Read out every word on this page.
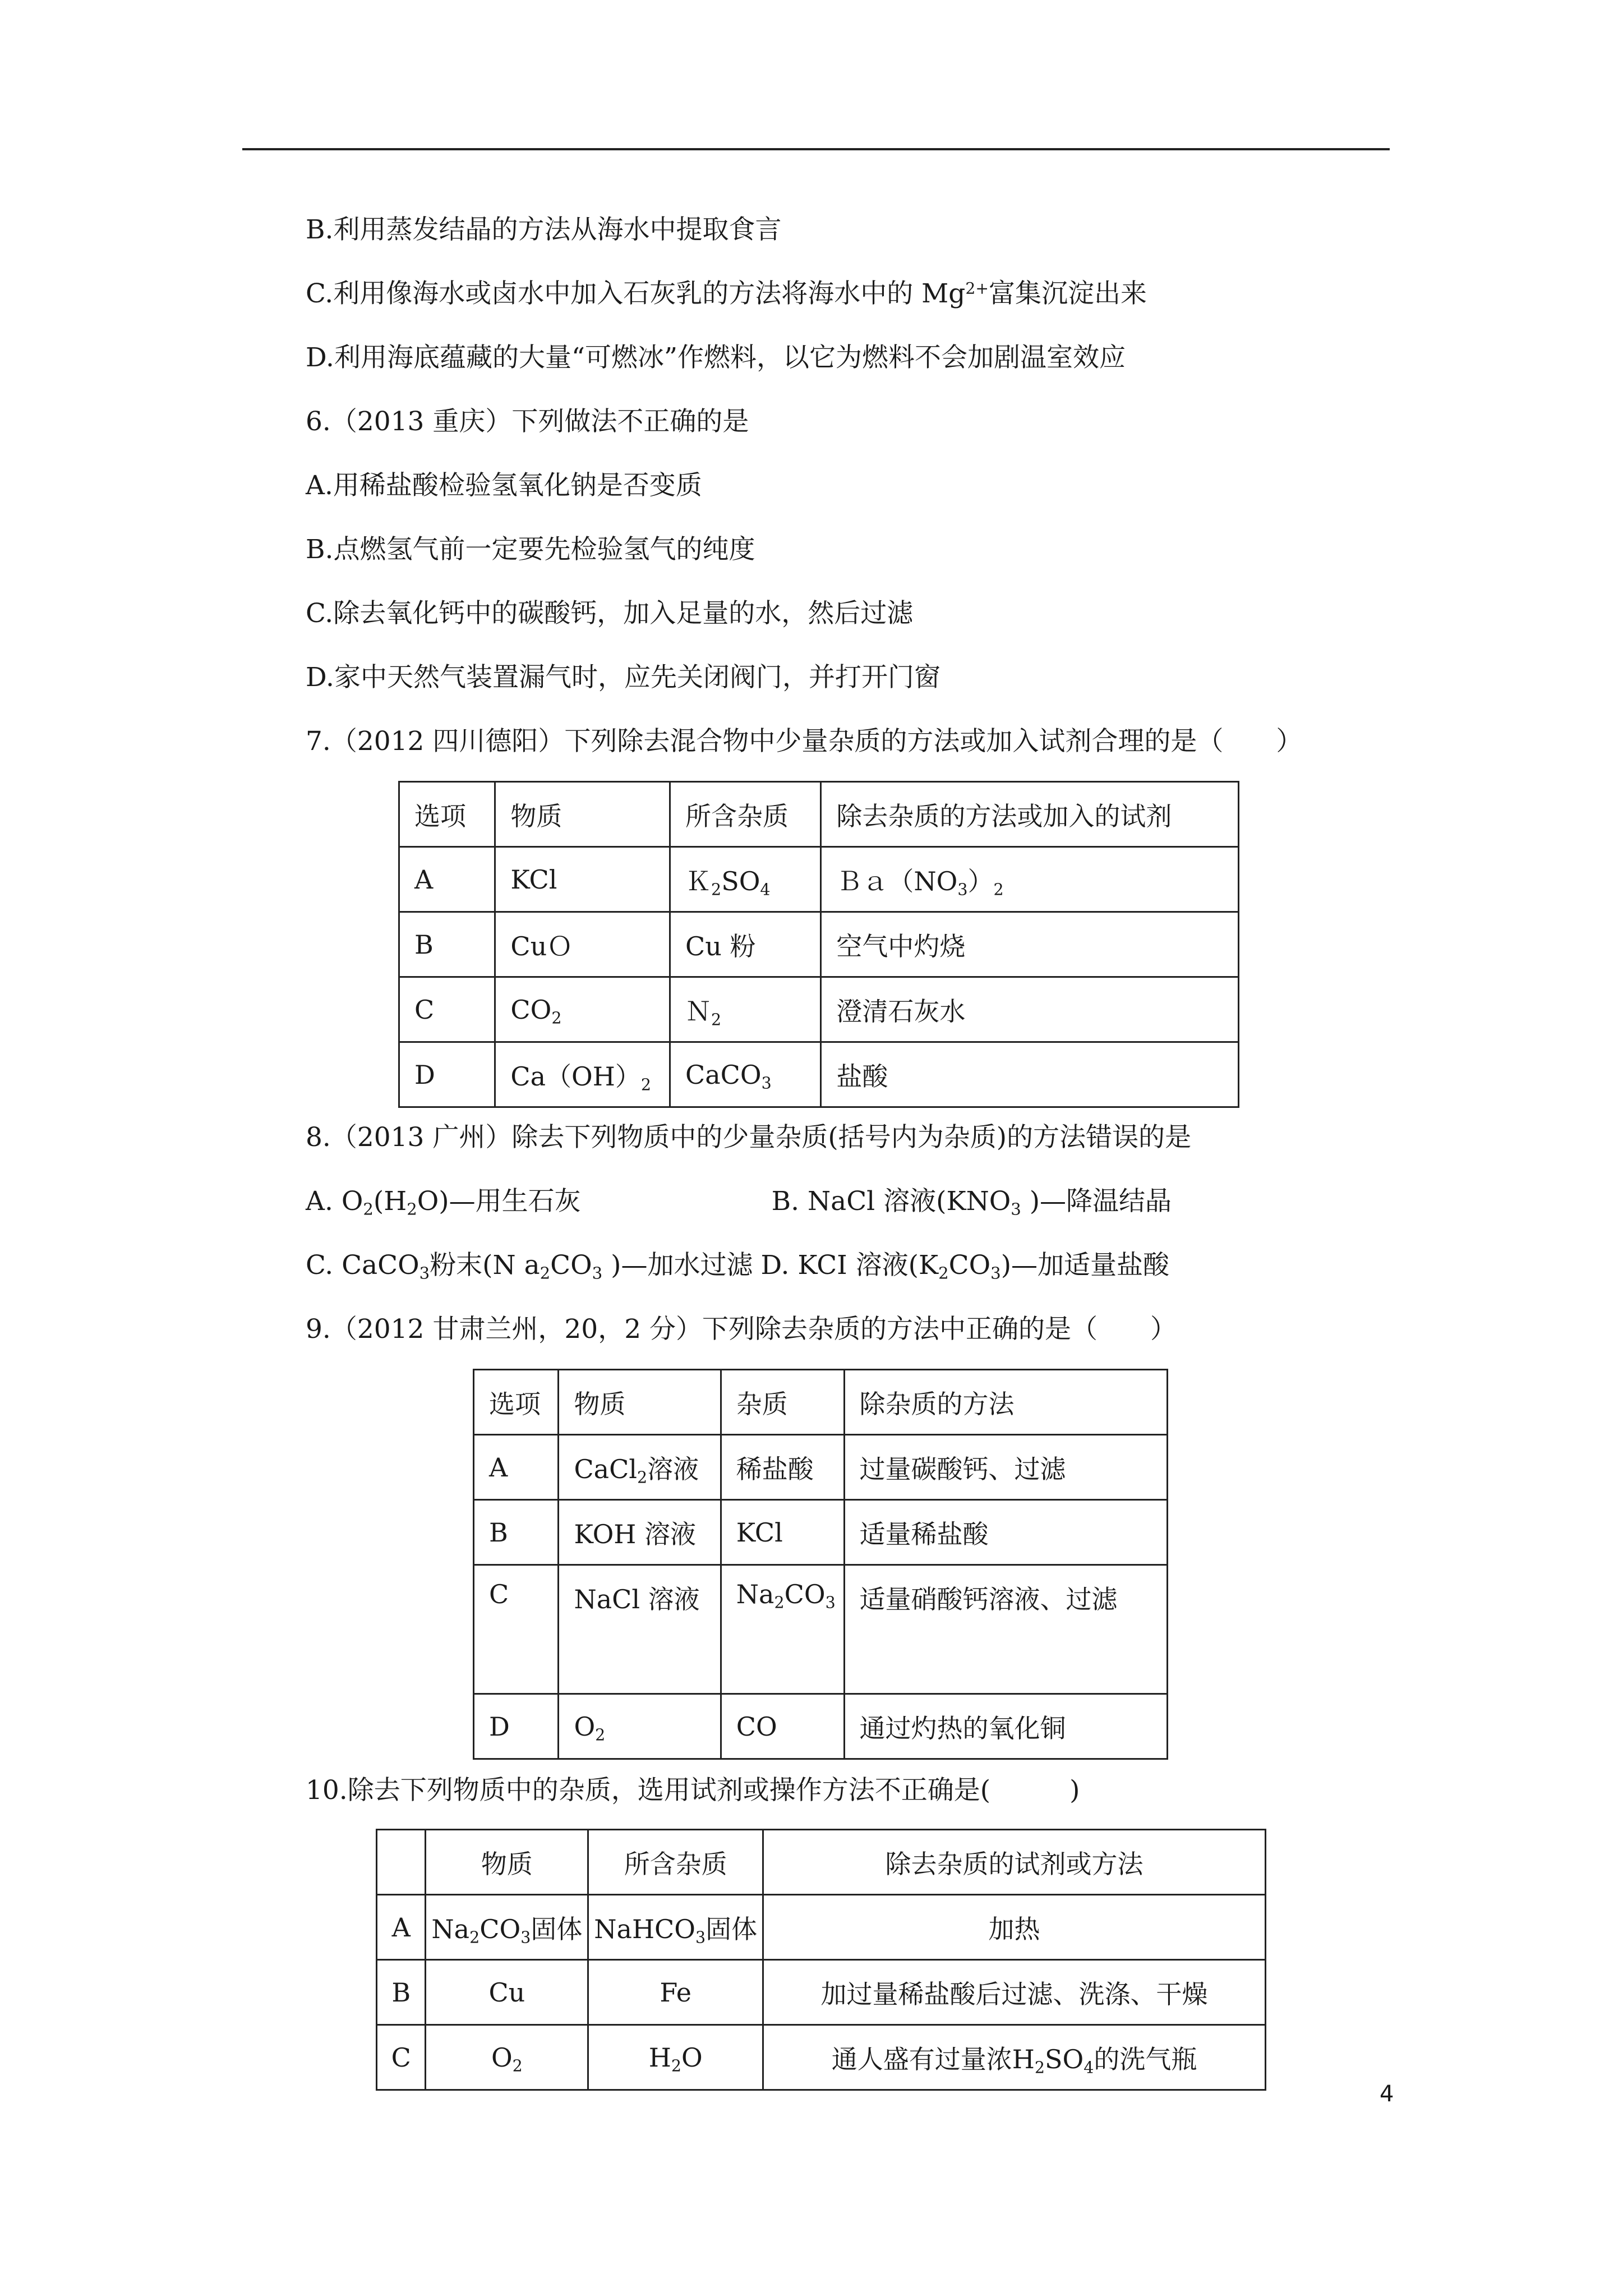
B.利用蒸发结晶的方法从海水中提取食言
C.利用像海水或卤水中加入石灰乳的方法将海水中的 $Mg^{2+}$富集沉淀出来
D.利用海底蕴藏的大量“可燃冰”作燃料，以它为燃料不会加剧温室效应
6.（2013 重庆）下列做法不正确的是
A.用稀盐酸检验氢氧化钠是否变质
B.点燃氢气前一定要先检验氢气的纯度
C.除去氧化钙中的碳酸钙，加入足量的水，然后过滤
D.家中天然气装置漏气时，应先关闭阀门，并打开门窗
7.（2012 四川德阳）下列除去混合物中少量杂质的方法或加入试剂合理的是（　　）
选项	物质	所含杂质	除去杂质的方法或加入的试剂
A	KCl	$K_2SO_4$	$Ba(NO_3)_2$
B	CuＯ	Cu 粉	空气中灼烧
C	$CO_2$	Ｎ$_2$	澄清石灰水
D	$Ca(OH)_2$	CaCO$_3$	盐酸
8.（2013 广州）除去下列物质中的少量杂质(括号内为杂质)的方法错误的是
A. $O_2(H_2O)—$用生石灰	B. NaCl 溶液($KNO_3$ )—降温结晶
C. CaCO$_3$粉末(N $a_2CO_3$ )—加水过滤 D. KCI 溶液$(K_2CO_3)—$加适量盐酸
9.（2012 甘肃兰州，20，2 分）下列除去杂质的方法中正确的是（　　）
选项	物质	杂质	除杂质的方法
A	CaCl$_2$溶液	稀盐酸	过量碳酸钙、过滤
B	KOH 溶液	KCl	适量稀盐酸
C	NaCl 溶液	$Na_2CO_3$	适量硝酸钙溶液、过滤
D	$O_2$	CO	通过灼热的氧化铜
10.除去下列物质中的杂质，选用试剂或操作方法不正确是(　　　)
	物质	所含杂质	除去杂质的试剂或方法
A	$Na_2CO_3$固体	NaHCO$_3$固体	加热
B	Cu	Fe	加过量稀盐酸后过滤、洗涤、干燥
C	$O_2$	$H_2O$	通人盛有过量浓$H_2SO_4$的洗气瓶
4
